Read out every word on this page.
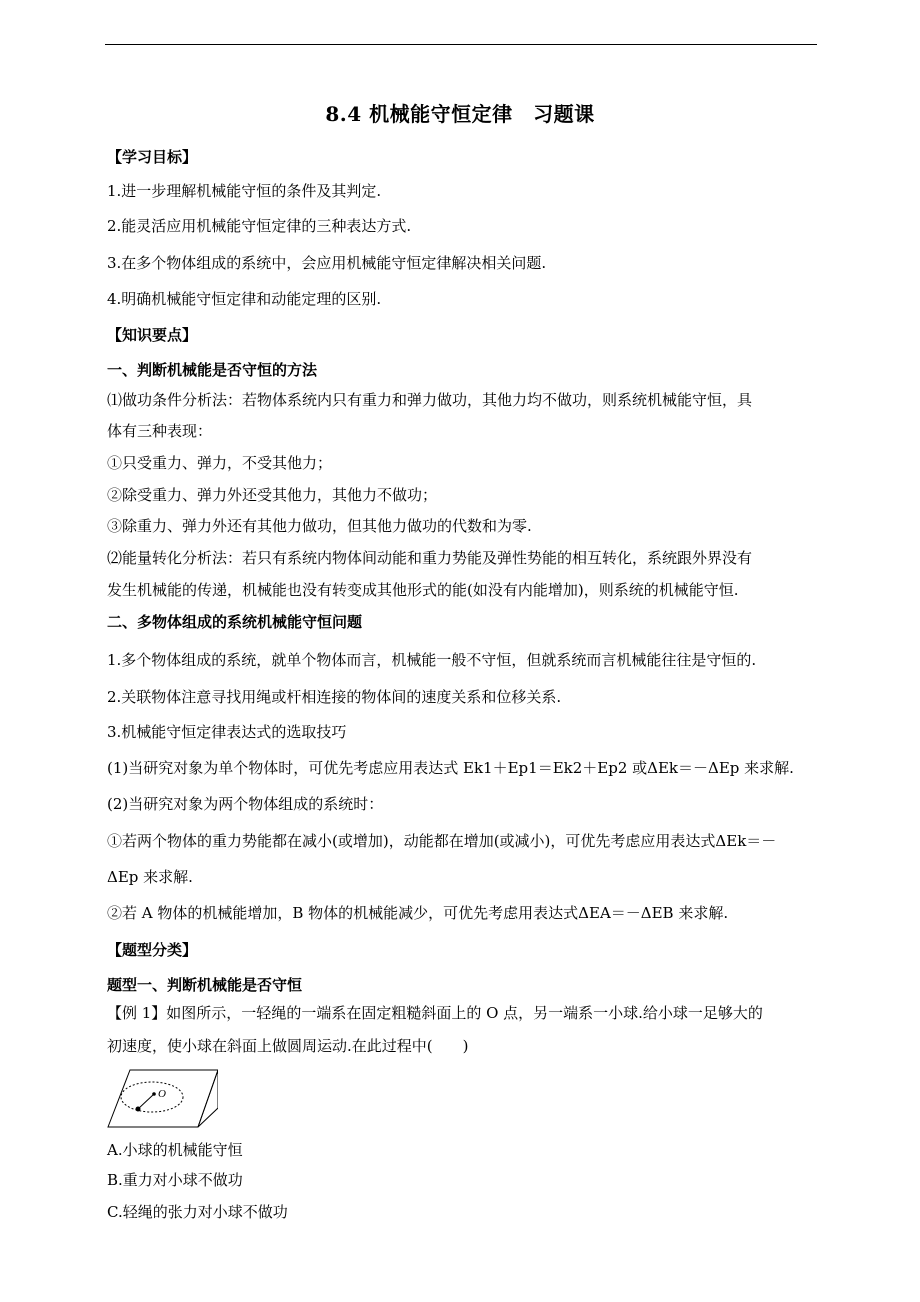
8.4 机械能守恒定律　习题课
【学习目标】
1.进一步理解机械能守恒的条件及其判定.
2.能灵活应用机械能守恒定律的三种表达方式.
3.在多个物体组成的系统中，会应用机械能守恒定律解决相关问题.
4.明确机械能守恒定律和动能定理的区别.
【知识要点】
一、判断机械能是否守恒的方法
⑴做功条件分析法：若物体系统内只有重力和弹力做功，其他力均不做功，则系统机械能守恒，具
体有三种表现：
①只受重力、弹力，不受其他力；
②除受重力、弹力外还受其他力，其他力不做功；
③除重力、弹力外还有其他力做功，但其他力做功的代数和为零.
⑵能量转化分析法：若只有系统内物体间动能和重力势能及弹性势能的相互转化，系统跟外界没有
发生机械能的传递，机械能也没有转变成其他形式的能(如没有内能增加)，则系统的机械能守恒.
二、多物体组成的系统机械能守恒问题
1.多个物体组成的系统，就单个物体而言，机械能一般不守恒，但就系统而言机械能往往是守恒的.
2.关联物体注意寻找用绳或杆相连接的物体间的速度关系和位移关系.
3.机械能守恒定律表达式的选取技巧
(1)当研究对象为单个物体时，可优先考虑应用表达式 Ek1＋Ep1＝Ek2＋Ep2 或ΔEk＝－ΔEp 来求解.
(2)当研究对象为两个物体组成的系统时：
①若两个物体的重力势能都在减小(或增加)，动能都在增加(或减小)，可优先考虑应用表达式ΔEk＝－
ΔEp 来求解.
②若 A 物体的机械能增加，B 物体的机械能减少，可优先考虑用表达式ΔEA＝－ΔEB 来求解.
【题型分类】
题型一、判断机械能是否守恒
【例 1】如图所示，一轻绳的一端系在固定粗糙斜面上的 O 点，另一端系一小球.给小球一足够大的
初速度，使小球在斜面上做圆周运动.在此过程中(　　)
O
A.小球的机械能守恒
B.重力对小球不做功
C.轻绳的张力对小球不做功
